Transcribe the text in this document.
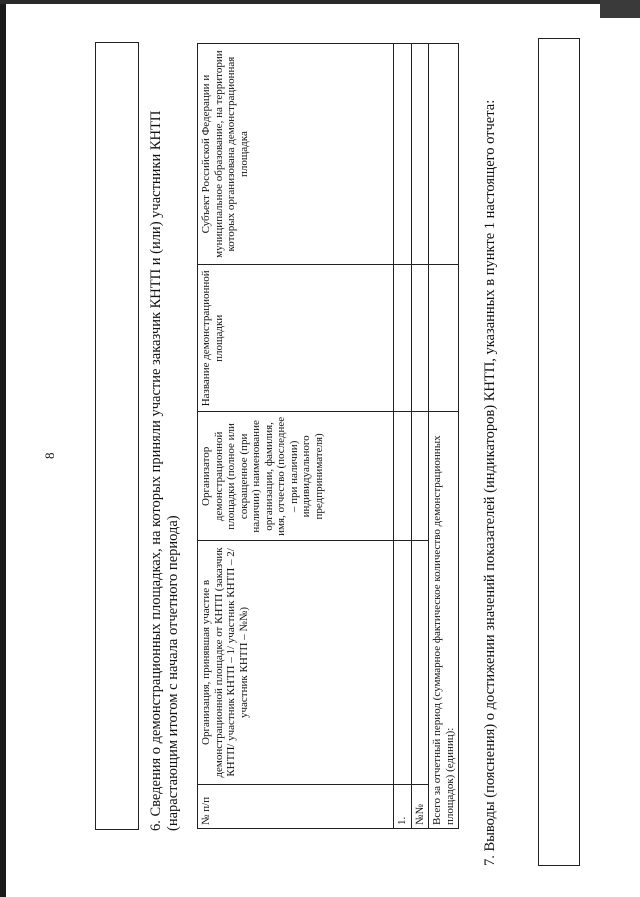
8	6. Сведения о демонстрационных площадках, на которых приняли участие заказчик КНТП и (или) участники КНТП (нарастающим итогом с начала отчетного периода) № п/п	Организация, принявшая участие в демонстрационной площадке от КНТП (заказчик КНТП/ участник КНТП – 1/ участник КНТП – 2/ участник КНТП – №№)	Организатор демонстрационной площадки (полное или сокращенное (при наличии) наименование организации, фамилия, имя, отчество (последнее – при наличии) индивидуального предпринимателя)	Название демонстрационной площадки	Субъект Российской Федерации и муниципальное образование, на территории которых организована демонстрационная площадка
1.				
№№				
Всего за отчетный период (суммарное фактическое количество демонстрационных площадок) (единиц):				7. Выводы (пояснения) о достижении значений показателей (индикаторов) КНТП, указанных в пункте 1 настоящего отчета:
